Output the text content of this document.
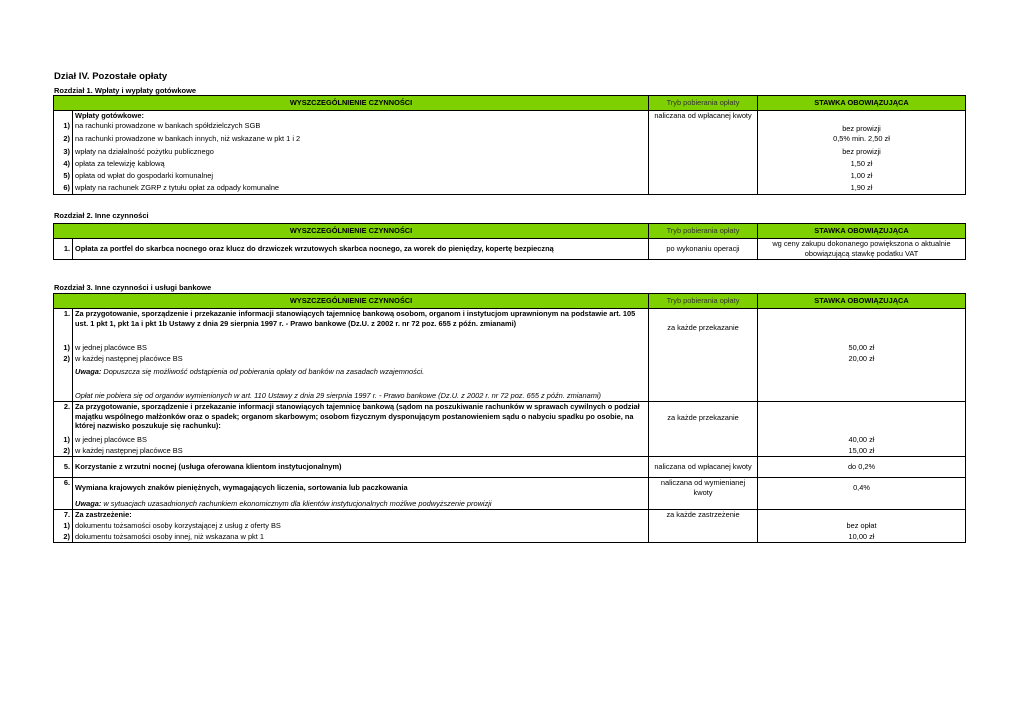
Dział IV. Pozostałe opłaty
Rozdział 1. Wpłaty i wypłaty gotówkowe
WYSZCZEGÓLNIENIE CZYNNOŚCI		Tryb pobierania opłaty	STAWKA OBOWIĄZUJĄCA
	Wpłaty gotówkowe:	naliczana od wpłacanej kwoty	
1)	na rachunki prowadzone w bankach spółdzielczych SGB		bez prowizji
2)	na rachunki prowadzone w bankach innych, niż wskazane w pkt 1 i 2		0,5% min. 2,50 zł
3)	wpłaty na działalność pożytku publicznego		bez prowizji
4)	opłata za telewizję kablową		1,50 zł
5)	opłata od wpłat do gospodarki komunalnej		1,00 zł
6)	wpłaty na rachunek ZGRP z tytułu opłat za odpady komunalne		1,90 zł
Rozdział 2. Inne czynności
WYSZCZEGÓLNIENIE CZYNNOŚCI		Tryb pobierania opłaty	STAWKA OBOWIĄZUJĄCA
1.	Opłata za portfel do skarbca nocnego oraz klucz do drzwiczek wrzutowych skarbca nocnego, za worek do pieniędzy, kopertę bezpieczną	po wykonaniu operacji	wg ceny zakupu dokonanego powiększona o aktualnie obowiązującą stawkę podatku VAT
Rozdział 3. Inne czynności i usługi bankowe
WYSZCZEGÓLNIENIE CZYNNOŚCI		Tryb pobierania opłaty	STAWKA OBOWIĄZUJĄCA
1.	Za przygotowanie, sporządzenie i przekazanie informacji stanowiących tajemnicę bankową osobom, organom i instytucjom uprawnionym na podstawie art. 105 ust. 1 pkt 1, pkt 1a i pkt 1b Ustawy z dnia 29 sierpnia 1997 r. - Prawo bankowe (Dz.U. z 2002 r. nr 72 poz. 655 z późn. zmianami)	za każde przekazanie	

1)	w jednej placówce BS		50,00 zł
2)	w każdej następnej placówce BS		20,00 zł
	Uwaga: Dopuszcza się możliwość odstąpienia od pobierania opłaty od banków na zasadach wzajemności.		
	Opłat nie pobiera się od organów wymienionych w art. 110 Ustawy z dnia 29 sierpnia 1997 r. - Prawo bankowe (Dz.U. z 2002 r. nr 72 poz. 655 z późn. zmianami)		
2.	Za przygotowanie, sporządzenie i przekazanie informacji stanowiących tajemnicę bankową (sądom na poszukiwanie rachunków w sprawach cywilnych o podział majątku wspólnego małżonków oraz o spadek; organom skarbowym; osobom fizycznym dysponującym postanowieniem sądu o nabyciu spadku po osobie, na której nazwisko poszukuje się rachunku):	za każde przekazanie	
1)	w jednej placówce BS		40,00 zł
2)	w każdej następnej placówce BS		15,00 zł
5.	Korzystanie z wrzutni nocnej (usługa oferowana klientom instytucjonalnym)	naliczana od wpłacanej kwoty	do 0,2%
6.	Wymiana krajowych znaków pieniężnych, wymagających liczenia, sortowania lub paczkowania	naliczana od wymienianej kwoty	0,4%
	Uwaga: w sytuacjach uzasadnionych rachunkiem ekonomicznym dla klientów instytucjonalnych możliwe podwyższenie prowizji		
7.	Za zastrzeżenie:	za każde zastrzeżenie	
1)	dokumentu tożsamości osoby korzystającej z usług z oferty BS		bez opłat
2)	dokumentu tożsamości osoby innej, niż wskazana w pkt 1		10,00 zł
